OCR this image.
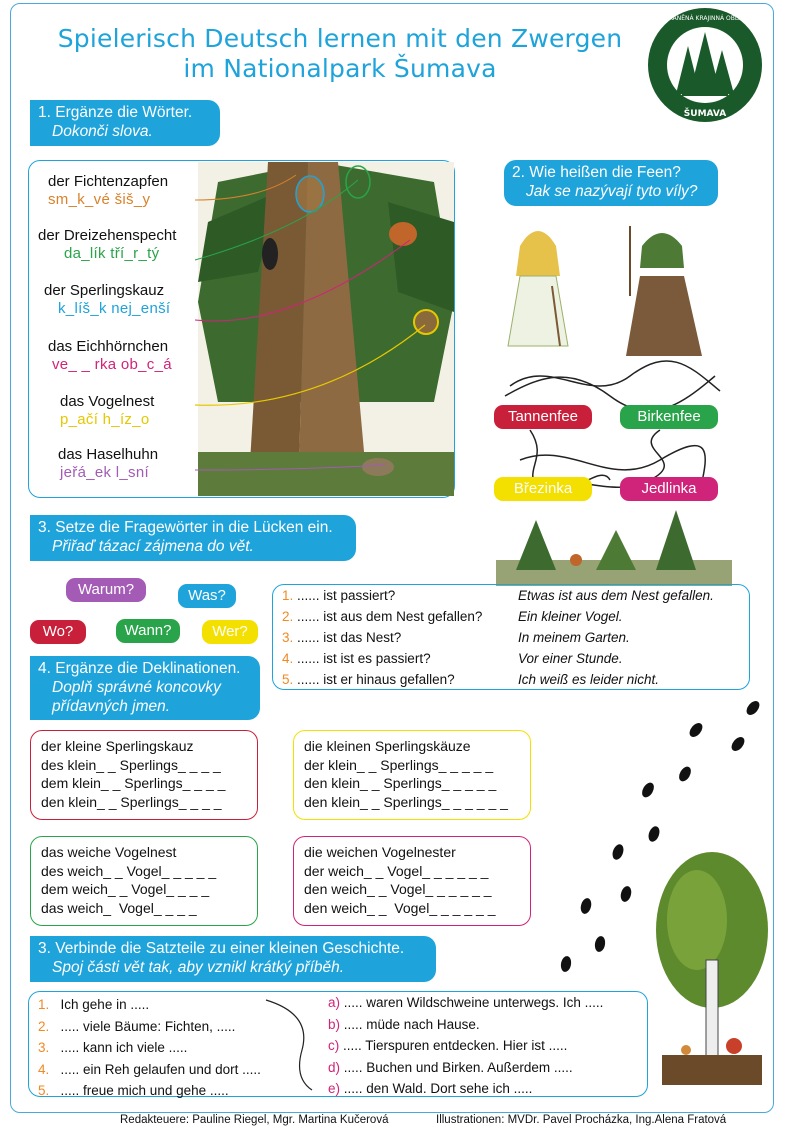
Spielerisch Deutsch lernen mit den Zwergen
im Nationalpark Šumava
ŠUMAVA
CHRÁNĚNÁ KRAJINNÁ OBLAST
1. Ergänze die Wörter.
Dokonči slova.
der Fichtenzapfen
sm_k_vé šiš_y
der Dreizehenspecht
da_lík tří_r_tý
der Sperlingskauz
k_líš_k nej_enší
das Eichhörnchen
ve_ _ rka ob_c_á
das Vogelnest
p_ačí h_íz_o
das Haselhuhn
jeřá_ek l_sní
2. Wie heißen die Feen?
Jak se nazývají tyto víly?
Tannenfee	Birkenfee
Březinka	Jedlinka
3. Setze die Fragewörter in die Lücken ein.
Přiřaď tázací zájmena do vět.
Warum?	Was?
Wo?	Wann?	Wer?
1. ...... ist passiert?	Etwas ist aus dem Nest gefallen.
2. ...... ist aus dem Nest gefallen?	Ein kleiner Vogel.
3. ...... ist das Nest?	In meinem Garten.
4. ...... ist ist es passiert?	Vor einer Stunde.
5. ...... ist er hinaus gefallen?	Ich weiß es leider nicht.
4. Ergänze die Deklinationen.
Doplň správné koncovky
přídavných jmen.
der kleine Sperlingskauz
des klein_ _ Sperlings_ _ _ _
dem klein_ _ Sperlings_ _ _ _
den klein_ _ Sperlings_ _ _ _
die kleinen Sperlingskäuze
der klein_ _ Sperlings_ _ _ _ _
den klein_ _ Sperlings_ _ _ _ _
den klein_ _ Sperlings_ _ _ _ _ _
das weiche Vogelnest
des weich_ _ Vogel_ _ _ _ _
dem weich_ _ Vogel_ _ _ _
das weich_  Vogel_ _ _ _
die weichen Vogelnester
der weich_ _ Vogel_ _ _ _ _ _
den weich_ _ Vogel_ _ _ _ _ _
den weich_ _  Vogel_ _ _ _ _ _
3. Verbinde die Satzteile zu einer kleinen Geschichte.
Spoj části vět tak, aby vznikl krátký příběh.
1. Ich gehe in .....
2. ..... viele Bäume: Fichten, .....
3. ..... kann ich viele .....
4. ..... ein Reh gelaufen und dort .....
5. ..... freue mich und gehe .....
a) ..... waren Wildschweine unterwegs. Ich .....
b) ..... müde nach Hause.
c) ..... Tierspuren entdecken. Hier ist .....
d) ..... Buchen und Birken. Außerdem .....
e) ..... den Wald. Dort sehe ich .....
Redakteuere: Pauline Riegel, Mgr. Martina Kučerová	Illustrationen: MVDr. Pavel Procházka, Ing.Alena Fratová
